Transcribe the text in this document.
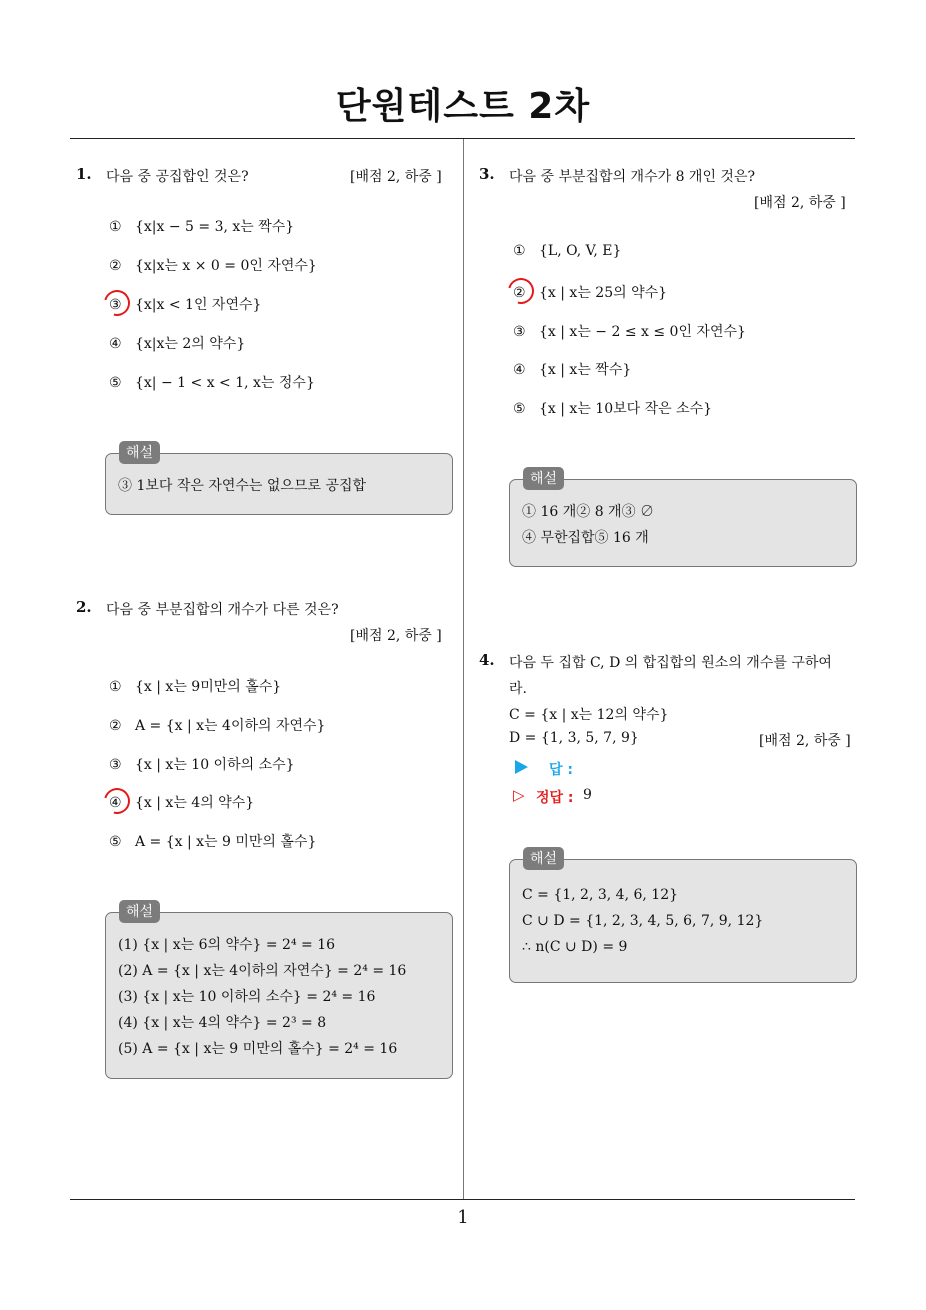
단원테스트 2차
1. 다음 중 공집합인 것은?	[배점 2, 하중 ]
① {x|x − 5 = 3, x는 짝수}
② {x|x는 x × 0 = 0인 자연수}
③ {x|x < 1인 자연수}
④ {x|x는 2의 약수}
⑤ {x| − 1 < x < 1, x는 정수}
해설
③ 1보다 작은 자연수는 없으므로 공집합
2. 다음 중 부분집합의 개수가 다른 것은?
[배점 2, 하중 ]
① {x | x는 9미만의 홀수}
② A = {x | x는 4이하의 자연수}
③ {x | x는 10 이하의 소수}
④ {x | x는 4의 약수}
⑤ A = {x | x는 9 미만의 홀수}
해설
(1) {x | x는 6의 약수} = 2⁴ = 16
(2) A = {x | x는 4이하의 자연수} = 2⁴ = 16
(3) {x | x는 10 이하의 소수} = 2⁴ = 16
(4) {x | x는 4의 약수} = 2³ = 8
(5) A = {x | x는 9 미만의 홀수} = 2⁴ = 16
3. 다음 중 부분집합의 개수가 8 개인 것은?
[배점 2, 하중 ]
① {L, O, V, E}
② {x | x는 25의 약수}
③ {x | x는 − 2 ≤ x ≤ 0인 자연수}
④ {x | x는 짝수}
⑤ {x | x는 10보다 작은 소수}
해설
① 16 개② 8 개③ ∅
④ 무한집합⑤ 16 개
4. 다음 두 집합 C, D 의 합집합의 원소의 개수를 구하여
라.
C = {x | x는 12의 약수}
D = {1, 3, 5, 7, 9}	[배점 2, 하중 ]
답 :
▷ 정답 : 9
해설
C = {1, 2, 3, 4, 6, 12}
C ∪ D = {1, 2, 3, 4, 5, 6, 7, 9, 12}
∴ n(C ∪ D) = 9
1
